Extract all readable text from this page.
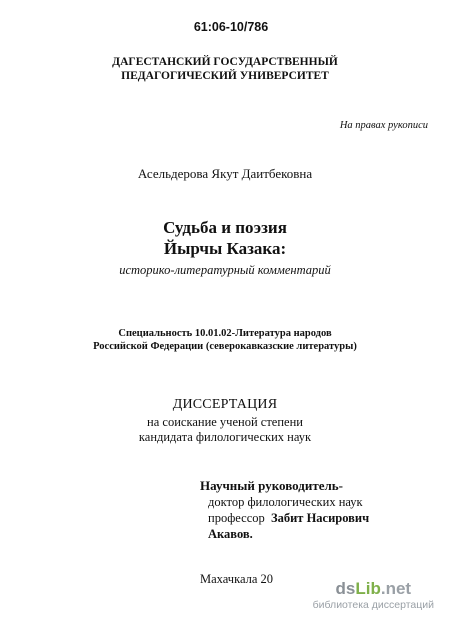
61:06-10/786
ДАГЕСТАНСКИЙ ГОСУДАРСТВЕННЫЙ
ПЕДАГОГИЧЕСКИЙ УНИВЕРСИТЕТ
На правах рукописи
Асельдерова Якут Даитбековна
Судьба и поэзия
Йырчы Казака:
историко-литературный комментарий
Специальность 10.01.02-Литература народов
Российской Федерации (северокавказские литературы)
ДИССЕРТАЦИЯ
на соискание ученой степени
кандидата филологических наук
Научный руководитель-
доктор филологических наук
профессор Забит Насирович
Акавов.
Махачкала 20	dsLib.net
библиотека диссертаций
